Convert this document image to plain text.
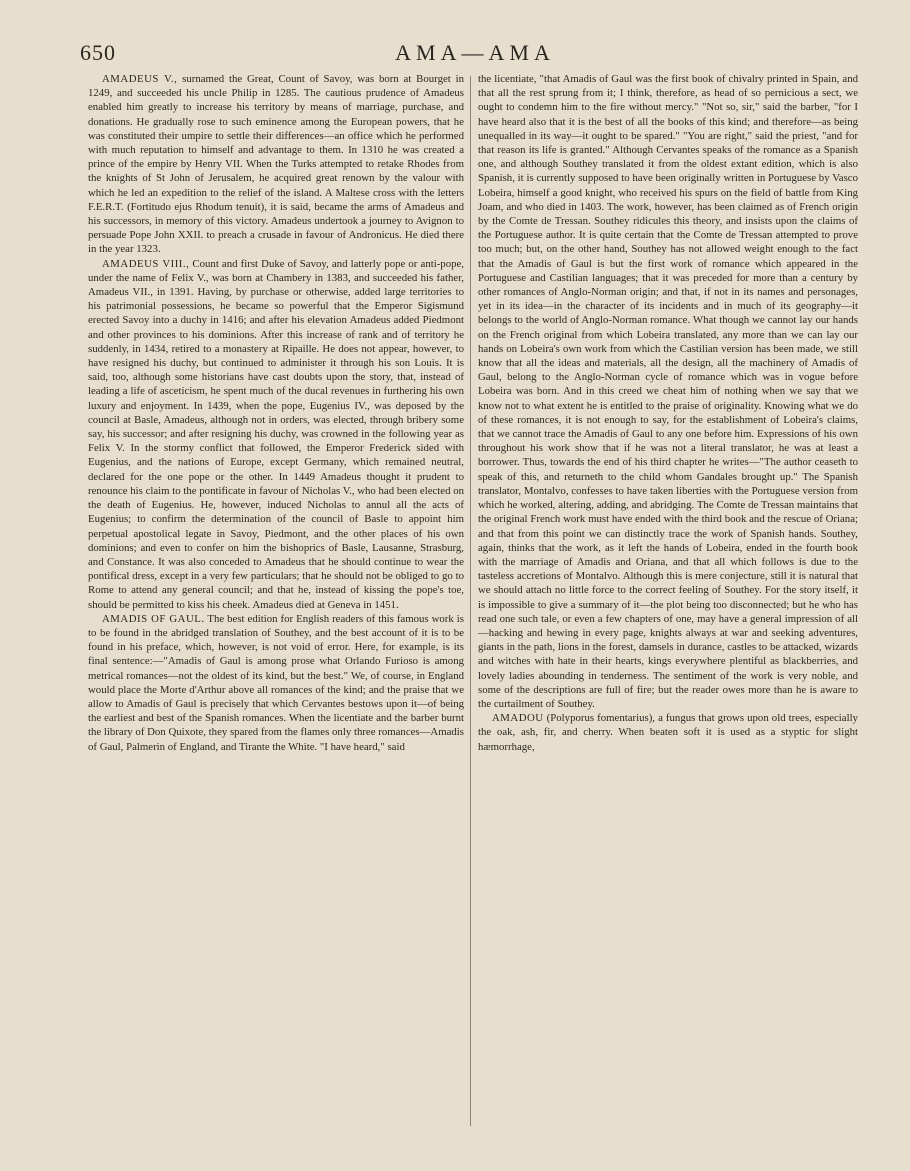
650	AMA—AMA

AMADEUS V., surnamed the Great, Count of Savoy, was born at Bourget in 1249, and succeeded his uncle Philip in 1285. The cautious prudence of Amadeus enabled him greatly to increase his territory by means of marriage, purchase, and donations. He gradually rose to such eminence among the European powers, that he was constituted their umpire to settle their differences—an office which he performed with much reputation to himself and advantage to them. In 1310 he was created a prince of the empire by Henry VII. When the Turks attempted to retake Rhodes from the knights of St John of Jerusalem, he acquired great renown by the valour with which he led an expedition to the relief of the island. A Maltese cross with the letters F.E.R.T. (Fortitudo ejus Rhodum tenuit), it is said, became the arms of Amadeus and his successors, in memory of this victory. Amadeus undertook a journey to Avignon to persuade Pope John XXII. to preach a crusade in favour of Andronicus. He died there in the year 1323.

AMADEUS VIII., Count and first Duke of Savoy, and latterly pope or anti-pope, under the name of Felix V., was born at Chambery in 1383, and succeeded his father, Amadeus VII., in 1391. Having, by purchase or otherwise, added large territories to his patrimonial possessions, he became so powerful that the Emperor Sigismund erected Savoy into a duchy in 1416; and after his elevation Amadeus added Piedmont and other provinces to his dominions. After this increase of rank and of territory he suddenly, in 1434, retired to a monastery at Ripaille. He does not appear, however, to have resigned his duchy, but continued to administer it through his son Louis. It is said, too, although some historians have cast doubts upon the story, that, instead of leading a life of asceticism, he spent much of the ducal revenues in furthering his own luxury and enjoyment. In 1439, when the pope, Eugenius IV., was deposed by the council at Basle, Amadeus, although not in orders, was elected, through bribery some say, his successor; and after resigning his duchy, was crowned in the following year as Felix V. In the stormy conflict that followed, the Emperor Frederick sided with Eugenius, and the nations of Europe, except Germany, which remained neutral, declared for the one pope or the other. In 1449 Amadeus thought it prudent to renounce his claim to the pontificate in favour of Nicholas V., who had been elected on the death of Eugenius. He, however, induced Nicholas to annul all the acts of Eugenius; to confirm the determination of the council of Basle to appoint him perpetual apostolical legate in Savoy, Piedmont, and the other places of his own dominions; and even to confer on him the bishoprics of Basle, Lausanne, Strasburg, and Constance. It was also conceded to Amadeus that he should continue to wear the pontifical dress, except in a very few particulars; that he should not be obliged to go to Rome to attend any general council; and that he, instead of kissing the pope's toe, should be permitted to kiss his cheek. Amadeus died at Geneva in 1451.

AMADIS OF GAUL. The best edition for English readers of this famous work is to be found in the abridged translation of Southey, and the best account of it is to be found in his preface, which, however, is not void of error. Here, for example, is its final sentence:—"Amadis of Gaul is among prose what Orlando Furioso is among metrical romances—not the oldest of its kind, but the best." We, of course, in England would place the Morte d'Arthur above all romances of the kind; and the praise that we allow to Amadis of Gaul is precisely that which Cervantes bestows upon it—of being the earliest and best of the Spanish romances. When the licentiate and the barber burnt the library of Don Quixote, they spared from the flames only three romances—Amadis of Gaul, Palmerin of England, and Tirante the White. "I have heard," said

the licentiate, "that Amadis of Gaul was the first book of chivalry printed in Spain, and that all the rest sprung from it; I think, therefore, as head of so pernicious a sect, we ought to condemn him to the fire without mercy." "Not so, sir," said the barber, "for I have heard also that it is the best of all the books of this kind; and therefore—as being unequalled in its way—it ought to be spared." "You are right," said the priest, "and for that reason its life is granted." Although Cervantes speaks of the romance as a Spanish one, and although Southey translated it from the oldest extant edition, which is also Spanish, it is currently supposed to have been originally written in Portuguese by Vasco Lobeira, himself a good knight, who received his spurs on the field of battle from King Joam, and who died in 1403. The work, however, has been claimed as of French origin by the Comte de Tressan. Southey ridicules this theory, and insists upon the claims of the Portuguese author. It is quite certain that the Comte de Tressan attempted to prove too much; but, on the other hand, Southey has not allowed weight enough to the fact that the Amadis of Gaul is but the first work of romance which appeared in the Portuguese and Castilian languages; that it was preceded for more than a century by other romances of Anglo-Norman origin; and that, if not in its names and personages, yet in its idea—in the character of its incidents and in much of its geography—it belongs to the world of Anglo-Norman romance. What though we cannot lay our hands on the French original from which Lobeira translated, any more than we can lay our hands on Lobeira's own work from which the Castilian version has been made, we still know that all the ideas and materials, all the design, all the machinery of Amadis of Gaul, belong to the Anglo-Norman cycle of romance which was in vogue before Lobeira was born. And in this creed we cheat him of nothing when we say that we know not to what extent he is entitled to the praise of originality. Knowing what we do of these romances, it is not enough to say, for the establishment of Lobeira's claims, that we cannot trace the Amadis of Gaul to any one before him. Expressions of his own throughout his work show that if he was not a literal translator, he was at least a borrower. Thus, towards the end of his third chapter he writes—"The author ceaseth to speak of this, and returneth to the child whom Gandales brought up." The Spanish translator, Montalvo, confesses to have taken liberties with the Portuguese version from which he worked, altering, adding, and abridging. The Comte de Tressan maintains that the original French work must have ended with the third book and the rescue of Oriana; and that from this point we can distinctly trace the work of Spanish hands. Southey, again, thinks that the work, as it left the hands of Lobeira, ended in the fourth book with the marriage of Amadis and Oriana, and that all which follows is due to the tasteless accretions of Montalvo. Although this is mere conjecture, still it is natural that we should attach no little force to the correct feeling of Southey. For the story itself, it is impossible to give a summary of it—the plot being too disconnected; but he who has read one such tale, or even a few chapters of one, may have a general impression of all—hacking and hewing in every page, knights always at war and seeking adventures, giants in the path, lions in the forest, damsels in durance, castles to be attacked, wizards and witches with hate in their hearts, kings everywhere plentiful as blackberries, and lovely ladies abounding in tenderness. The sentiment of the work is very noble, and some of the descriptions are full of fire; but the reader owes more than he is aware to the curtailment of Southey.

AMADOU (Polyporus fomentarius), a fungus that grows upon old trees, especially the oak, ash, fir, and cherry. When beaten soft it is used as a styptic for slight hæmorrhage,
